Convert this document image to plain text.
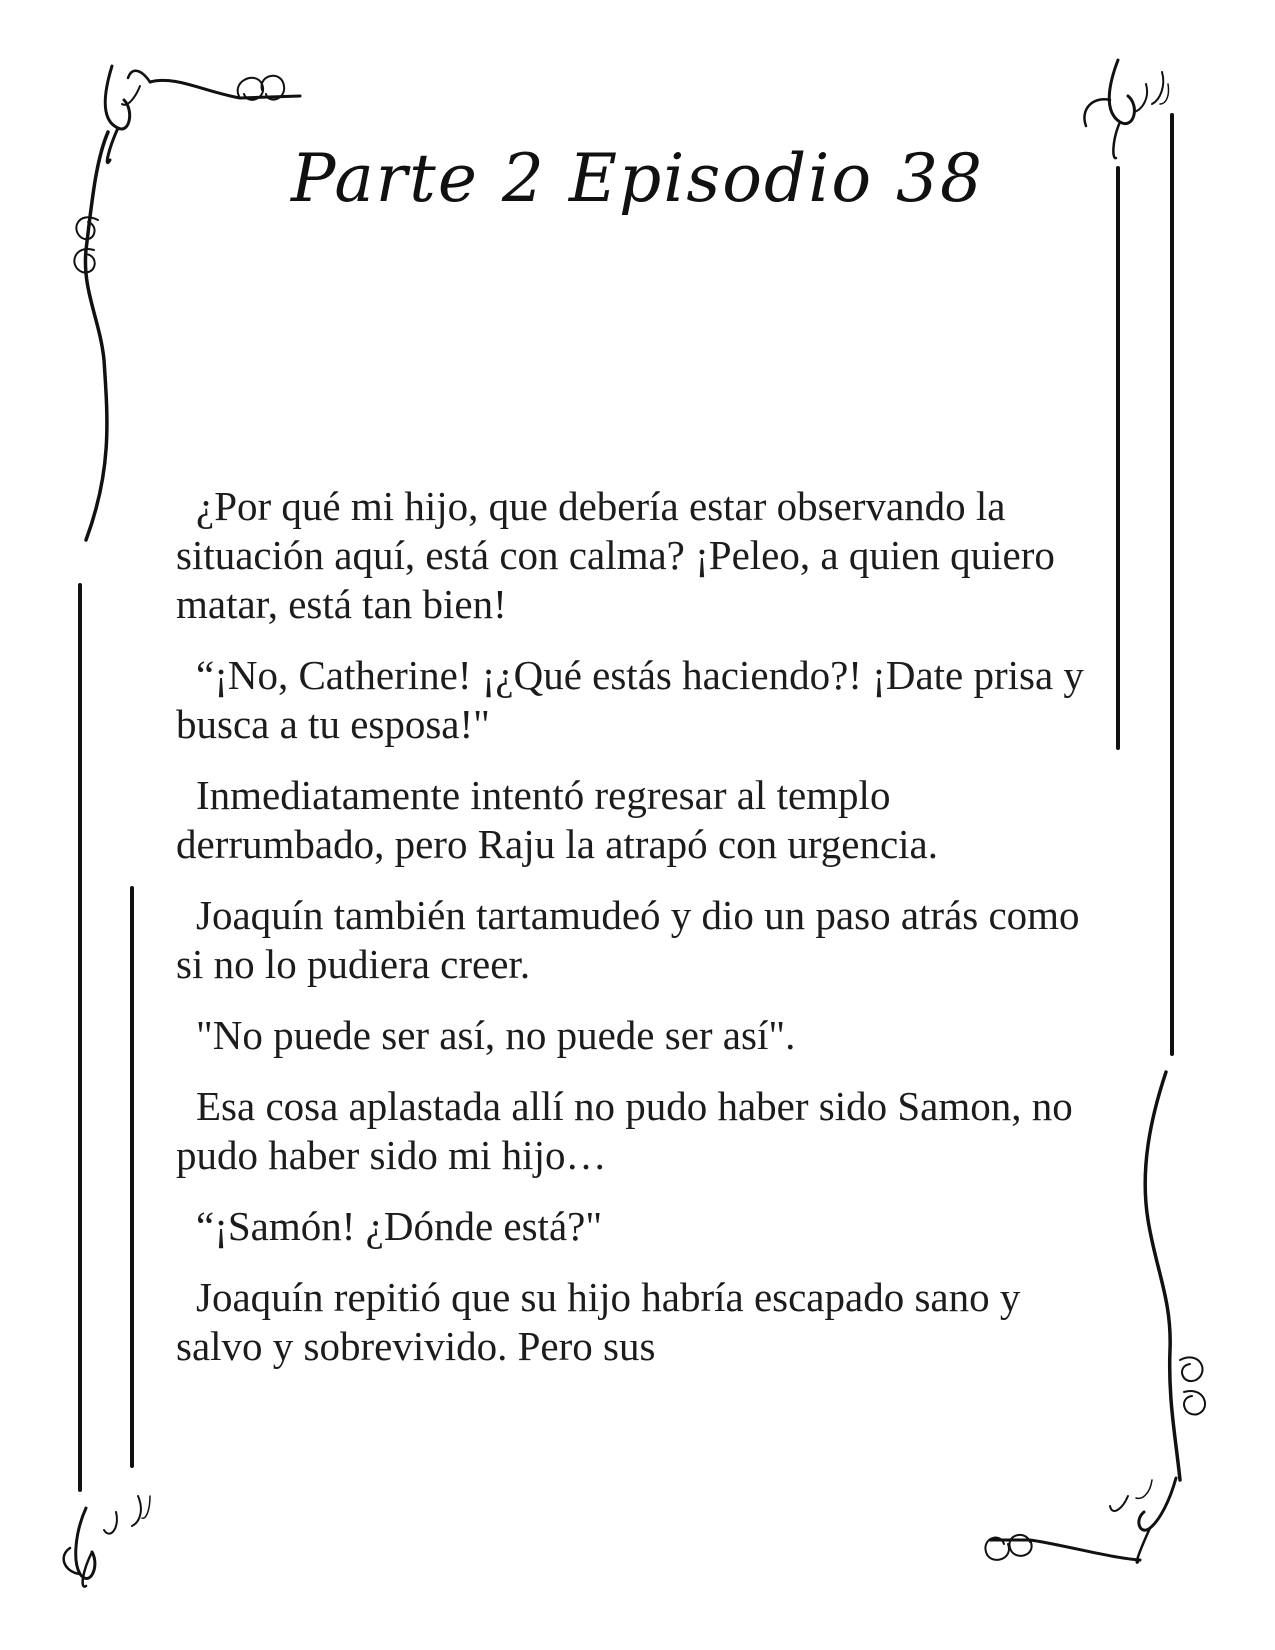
Parte 2 Episodio 38

¿Por qué mi hijo, que debería estar observando la situación aquí, está con calma? ¡Peleo, a quien quiero matar, está tan bien!

“¡No, Catherine! ¡¿Qué estás haciendo?! ¡Date prisa y busca a tu esposa!"

Inmediatamente intentó regresar al templo derrumbado, pero Raju la atrapó con urgencia.

Joaquín también tartamudeó y dio un paso atrás como si no lo pudiera creer.

"No puede ser así, no puede ser así".

Esa cosa aplastada allí no pudo haber sido Samon, no pudo haber sido mi hijo…

“¡Samón! ¿Dónde está?"

Joaquín repitió que su hijo habría escapado sano y salvo y sobrevivido. Pero sus
